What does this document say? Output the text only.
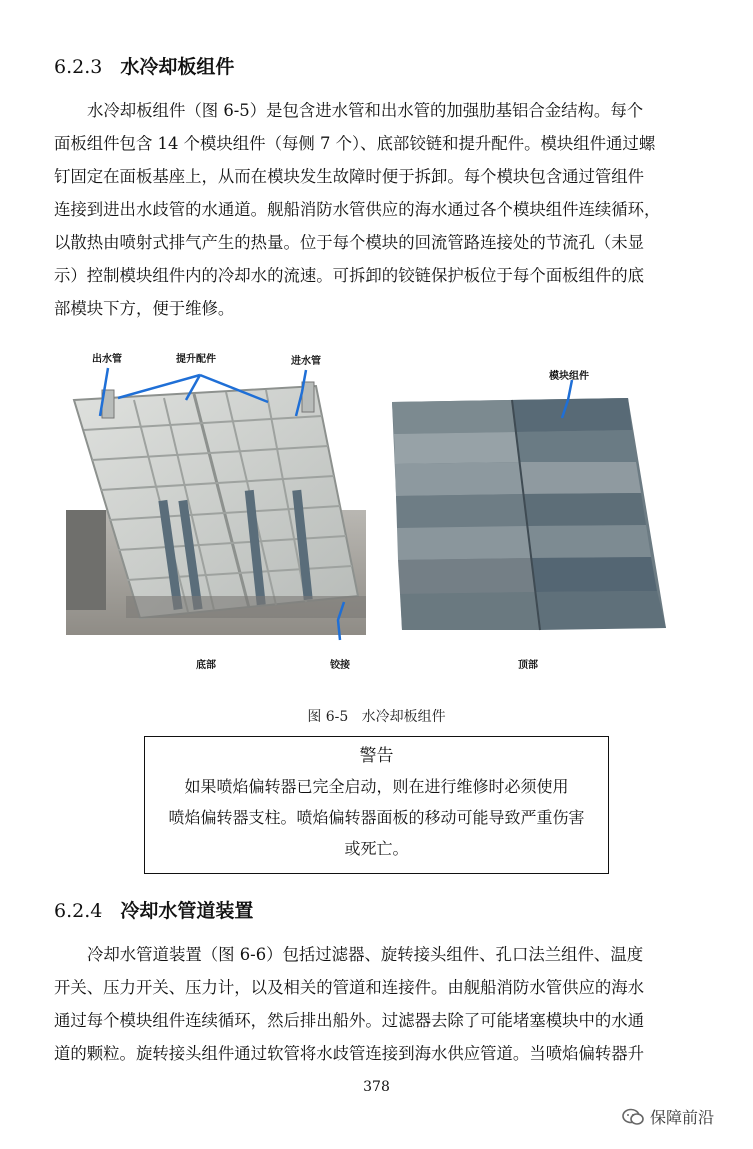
6.2.3 水冷却板组件

水冷却板组件（图 6-5）是包含进水管和出水管的加强肋基铝合金结构。每个

面板组件包含 14 个模块组件（每侧 7 个）、底部铰链和提升配件。模块组件通过螺

钉固定在面板基座上，从而在模块发生故障时便于拆卸。每个模块包含通过管组件

连接到进出水歧管的水通道。舰船消防水管供应的海水通过各个模块组件连续循环，

以散热由喷射式排气产生的热量。位于每个模块的回流管路连接处的节流孔（未显

示）控制模块组件内的冷却水的流速。可拆卸的铰链保护板位于每个面板组件的底

部模块下方，便于维修。

出水管	提升配件	进水管
模块组件
底部	铰接	顶部
图 6-5 水冷却板组件
警告
如果喷焰偏转器已完全启动，则在进行维修时必须使用
喷焰偏转器支柱。喷焰偏转器面板的移动可能导致严重伤害
或死亡。
6.2.4 冷却水管道装置

冷却水管道装置（图 6-6）包括过滤器、旋转接头组件、孔口法兰组件、温度

开关、压力开关、压力计，以及相关的管道和连接件。由舰船消防水管供应的海水

通过每个模块组件连续循环，然后排出船外。过滤器去除了可能堵塞模块中的水通

道的颗粒。旋转接头组件通过软管将水歧管连接到海水供应管道。当喷焰偏转器升

378
保障前沿
